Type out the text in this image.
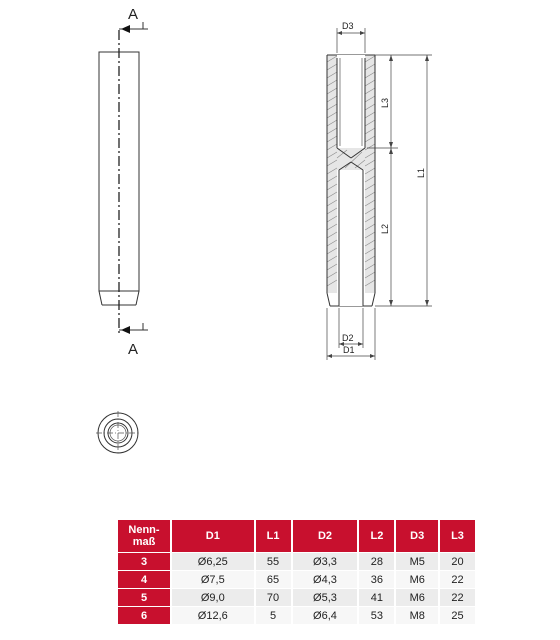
A
A
D3
L3
L2
L1
D2
D1
Nenn-
maß	D1	L1	D2	L2	D3	L3
3	Ø6,25	55	Ø3,3	28	M5	20
4	Ø7,5	65	Ø4,3	36	M6	22
5	Ø9,0	70	Ø5,3	41	M6	22
6	Ø12,6	5	Ø6,4	53	M8	25
